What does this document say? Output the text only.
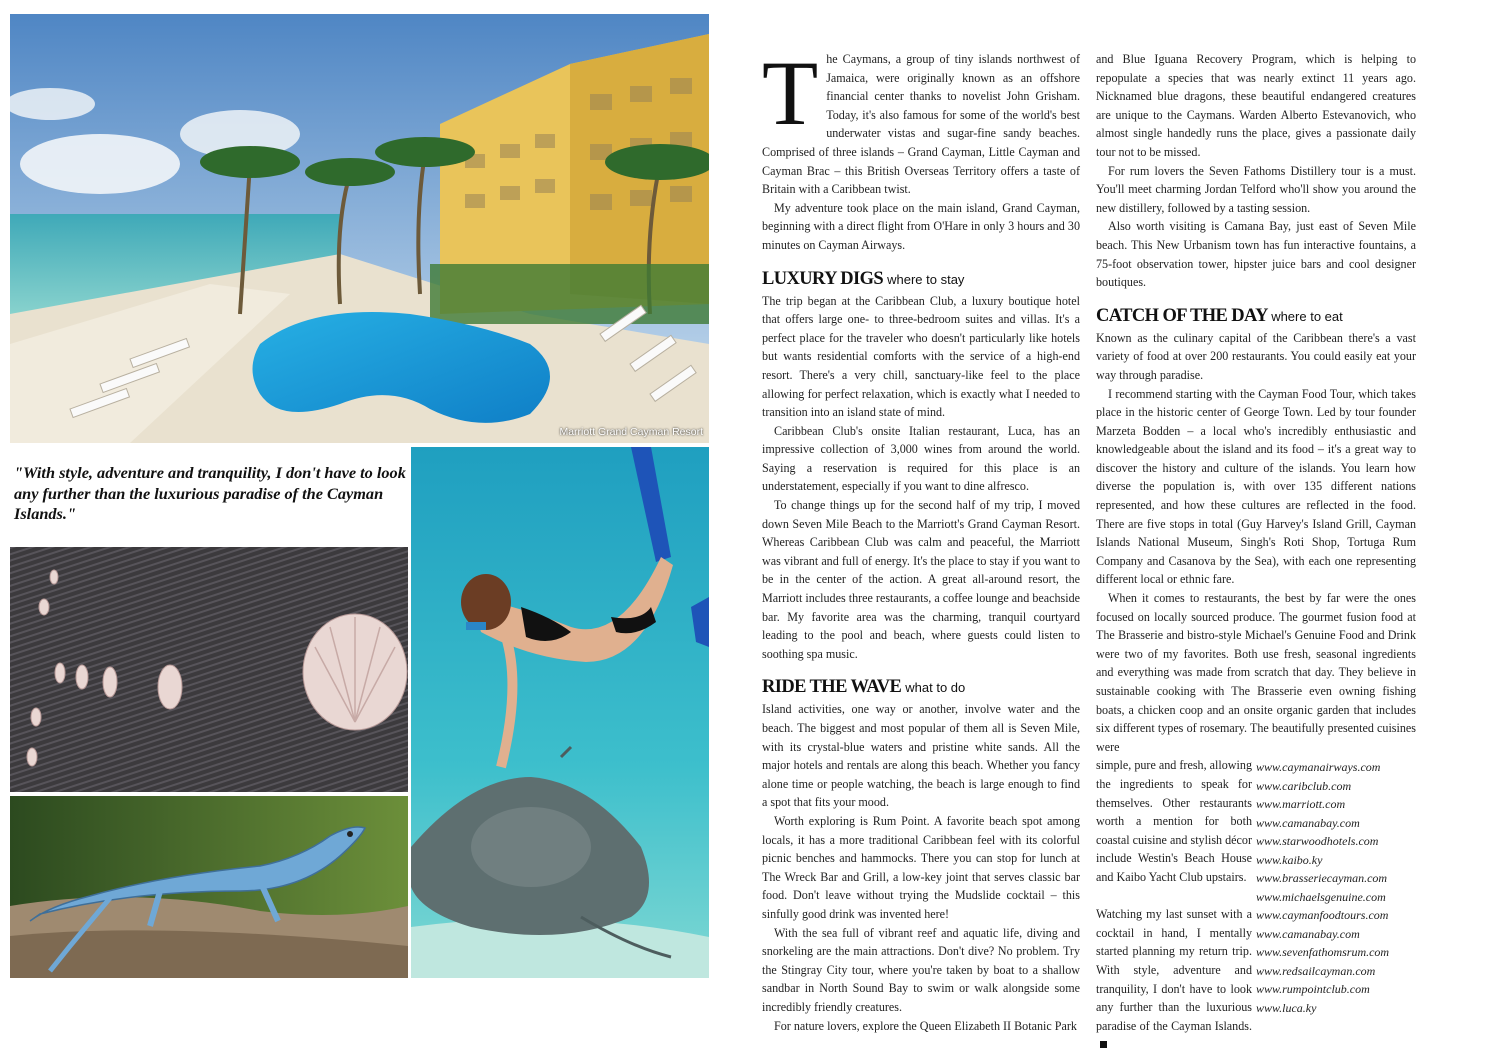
Marriott Grand Cayman Resort
"With style, adventure and tranquility, I don't have to look any further than the luxurious paradise of the Cayman Islands."
T he Caymans, a group of tiny islands northwest of Jamaica, were originally known as an offshore financial center thanks to novelist John Grisham. Today, it's also famous for some of the world's best underwater vistas and sugar-fine sandy beaches. Comprised of three islands – Grand Cayman, Little Cayman and Cayman Brac – this British Overseas Territory offers a taste of Britain with a Caribbean twist.

My adventure took place on the main island, Grand Cayman, beginning with a direct flight from O'Hare in only 3 hours and 30 minutes on Cayman Airways.

LUXURY DIGS where to stay

The trip began at the Caribbean Club, a luxury boutique hotel that offers large one- to three-bedroom suites and villas. It's a perfect place for the traveler who doesn't particularly like hotels but wants residential comforts with the service of a high-end resort. There's a very chill, sanctuary-like feel to the place allowing for perfect relaxation, which is exactly what I needed to transition into an island state of mind.

Caribbean Club's onsite Italian restaurant, Luca, has an impressive collection of 3,000 wines from around the world. Saying a reservation is required for this place is an understatement, especially if you want to dine alfresco.

To change things up for the second half of my trip, I moved down Seven Mile Beach to the Marriott's Grand Cayman Resort. Whereas Caribbean Club was calm and peaceful, the Marriott was vibrant and full of energy. It's the place to stay if you want to be in the center of the action. A great all-around resort, the Marriott includes three restaurants, a coffee lounge and beachside bar. My favorite area was the charming, tranquil courtyard leading to the pool and beach, where guests could listen to soothing spa music.

RIDE THE WAVE what to do

Island activities, one way or another, involve water and the beach. The biggest and most popular of them all is Seven Mile, with its crystal-blue waters and pristine white sands. All the major hotels and rentals are along this beach. Whether you fancy alone time or people watching, the beach is large enough to find a spot that fits your mood.

Worth exploring is Rum Point. A favorite beach spot among locals, it has a more traditional Caribbean feel with its colorful picnic benches and hammocks. There you can stop for lunch at The Wreck Bar and Grill, a low-key joint that serves classic bar food. Don't leave without trying the Mudslide cocktail – this sinfully good drink was invented here!

With the sea full of vibrant reef and aquatic life, diving and snorkeling are the main attractions. Don't dive? No problem. Try the Stingray City tour, where you're taken by boat to a shallow sandbar in North Sound Bay to swim or walk alongside some incredibly friendly creatures.

For nature lovers, explore the Queen Elizabeth II Botanic Park

and Blue Iguana Recovery Program, which is helping to repopulate a species that was nearly extinct 11 years ago. Nicknamed blue dragons, these beautiful endangered creatures are unique to the Caymans. Warden Alberto Estevanovich, who almost single handedly runs the place, gives a passionate daily tour not to be missed.

For rum lovers the Seven Fathoms Distillery tour is a must. You'll meet charming Jordan Telford who'll show you around the new distillery, followed by a tasting session.

Also worth visiting is Camana Bay, just east of Seven Mile beach. This New Urbanism town has fun interactive fountains, a 75-foot observation tower, hipster juice bars and cool designer boutiques.

CATCH OF THE DAY where to eat

Known as the culinary capital of the Caribbean there's a vast variety of food at over 200 restaurants. You could easily eat your way through paradise.

I recommend starting with the Cayman Food Tour, which takes place in the historic center of George Town. Led by tour founder Marzeta Bodden – a local who's incredibly enthusiastic and knowledgeable about the island and its food – it's a great way to discover the history and culture of the islands. You learn how diverse the population is, with over 135 different nations represented, and how these cultures are reflected in the food. There are five stops in total (Guy Harvey's Island Grill, Cayman Islands National Museum, Singh's Roti Shop, Tortuga Rum Company and Casanova by the Sea), with each one representing different local or ethnic fare.

When it comes to restaurants, the best by far were the ones focused on locally sourced produce. The gourmet fusion food at The Brasserie and bistro-style Michael's Genuine Food and Drink were two of my favorites. Both use fresh, seasonal ingredients and everything was made from scratch that day. They believe in sustainable cooking with The Brasserie even owning fishing boats, a chicken coop and an onsite organic garden that includes six different types of rosemary. The beautifully presented cuisines were

simple, pure and fresh, allowing the ingredients to speak for themselves. Other restaurants worth a mention for both coastal cuisine and stylish décor include Westin's Beach House and Kaibo Yacht Club upstairs.

Watching my last sunset with a cocktail in hand, I mentally started planning my return trip. With style, adventure and tranquility, I don't have to look any further than the luxurious paradise of the Cayman Islands.

www.caymanairways.com
www.caribclub.com
www.marriott.com
www.camanabay.com
www.starwoodhotels.com
www.kaibo.ky
www.brasseriecayman.com
www.michaelsgenuine.com
www.caymanfoodtours.com
www.camanabay.com
www.sevenfathomsrum.com
www.redsailcayman.com
www.rumpointclub.com
www.luca.ky
